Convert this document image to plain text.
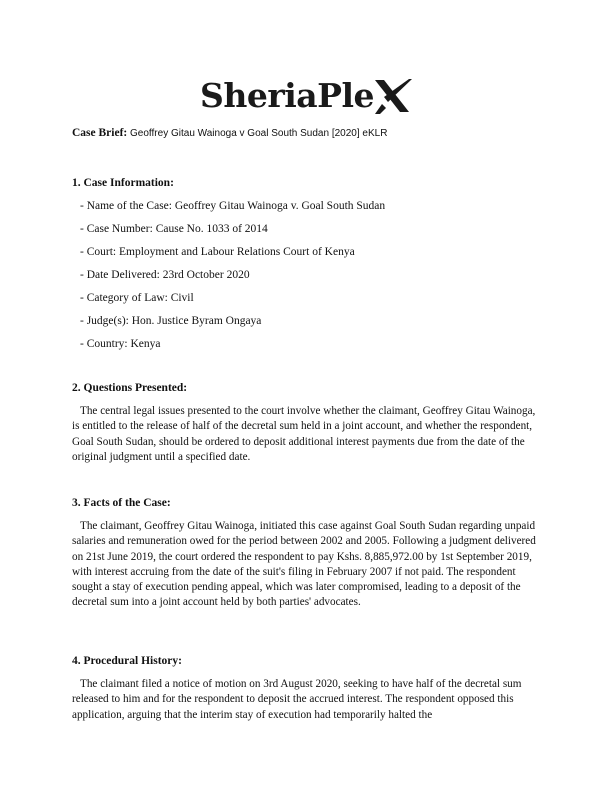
SheriaPle
Case Brief: Geoffrey Gitau Wainoga v Goal South Sudan [2020] eKLR

1. Case Information:

- Name of the Case: Geoffrey Gitau Wainoga v. Goal South Sudan
- Case Number: Cause No. 1033 of 2014
- Court: Employment and Labour Relations Court of Kenya
- Date Delivered: 23rd October 2020
- Category of Law: Civil
- Judge(s): Hon. Justice Byram Ongaya
- Country: Kenya

2. Questions Presented:

The central legal issues presented to the court involve whether the claimant, Geoffrey Gitau Wainoga, is entitled to the release of half of the decretal sum held in a joint account, and whether the respondent, Goal South Sudan, should be ordered to deposit additional interest payments due from the date of the original judgment until a specified date.

3. Facts of the Case:

The claimant, Geoffrey Gitau Wainoga, initiated this case against Goal South Sudan regarding unpaid salaries and remuneration owed for the period between 2002 and 2005. Following a judgment delivered on 21st June 2019, the court ordered the respondent to pay Kshs. 8,885,972.00 by 1st September 2019, with interest accruing from the date of the suit's filing in February 2007 if not paid. The respondent sought a stay of execution pending appeal, which was later compromised, leading to a deposit of the decretal sum into a joint account held by both parties' advocates.

4. Procedural History:

The claimant filed a notice of motion on 3rd August 2020, seeking to have half of the decretal sum released to him and for the respondent to deposit the accrued interest. The respondent opposed this application, arguing that the interim stay of execution had temporarily halted the
